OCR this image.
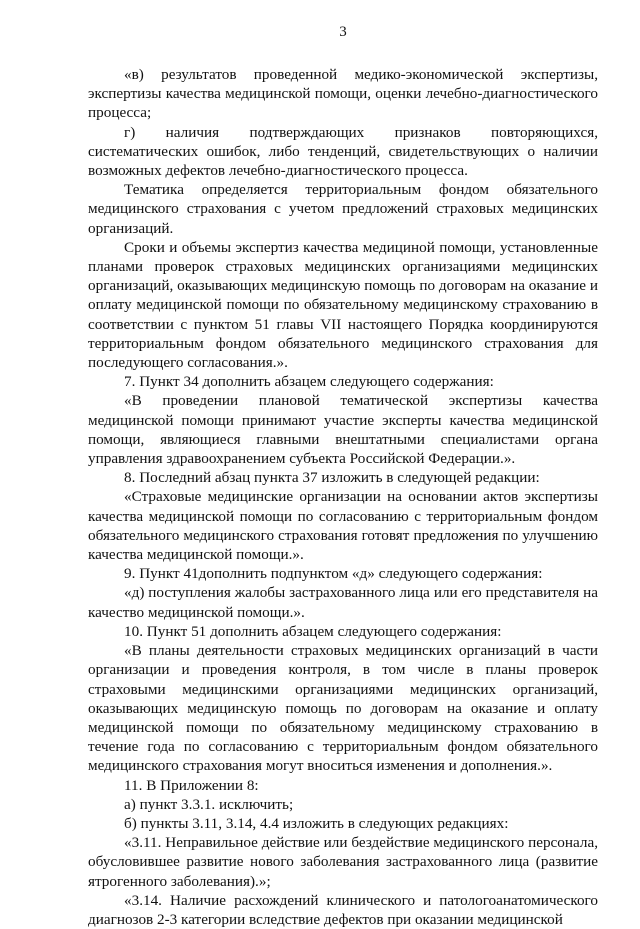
3

«в) результатов проведенной медико-экономической экспертизы, экспертизы качества медицинской помощи, оценки лечебно-диагностического процесса;

г) наличия подтверждающих признаков повторяющихся, систематических ошибок, либо тенденций, свидетельствующих о наличии возможных дефектов лечебно-диагностического процесса.

Тематика определяется территориальным фондом обязательного медицинского страхования с учетом предложений страховых медицинских организаций.

Сроки и объемы экспертиз качества медициной помощи, установленные планами проверок страховых медицинских организациями медицинских организаций, оказывающих медицинскую помощь по договорам на оказание и оплату медицинской помощи по обязательному медицинскому страхованию в соответствии с пунктом 51 главы VII настоящего Порядка координируются территориальным фондом обязательного медицинского страхования для последующего согласования.».

7. Пункт 34 дополнить абзацем следующего содержания:

«В проведении плановой тематической экспертизы качества медицинской помощи принимают участие эксперты качества медицинской помощи, являющиеся главными внештатными специалистами органа управления здравоохранением субъекта Российской Федерации.».

8. Последний абзац пункта 37 изложить в следующей редакции:

«Страховые медицинские организации на основании актов экспертизы качества медицинской помощи по согласованию с территориальным фондом обязательного медицинского страхования готовят предложения по улучшению качества медицинской помощи.».

9. Пункт 41дополнить подпунктом «д» следующего содержания:

«д) поступления жалобы застрахованного лица или его представителя на качество медицинской помощи.».

10. Пункт 51 дополнить абзацем следующего содержания:

«В планы деятельности страховых медицинских организаций в части организации и проведения контроля, в том числе в планы проверок страховыми медицинскими организациями медицинских организаций, оказывающих медицинскую помощь по договорам на оказание и оплату медицинской помощи по обязательному медицинскому страхованию в течение года по согласованию с территориальным фондом обязательного медицинского страхования могут вноситься изменения и дополнения.».

11. В Приложении 8:

а) пункт 3.3.1. исключить;

б) пункты 3.11, 3.14, 4.4 изложить в следующих редакциях:

«3.11. Неправильное действие или бездействие медицинского персонала, обусловившее развитие нового заболевания застрахованного лица (развитие ятрогенного заболевания).»;

«3.14. Наличие расхождений клинического и патологоанатомического диагнозов 2-3 категории вследствие дефектов при оказании медицинской
